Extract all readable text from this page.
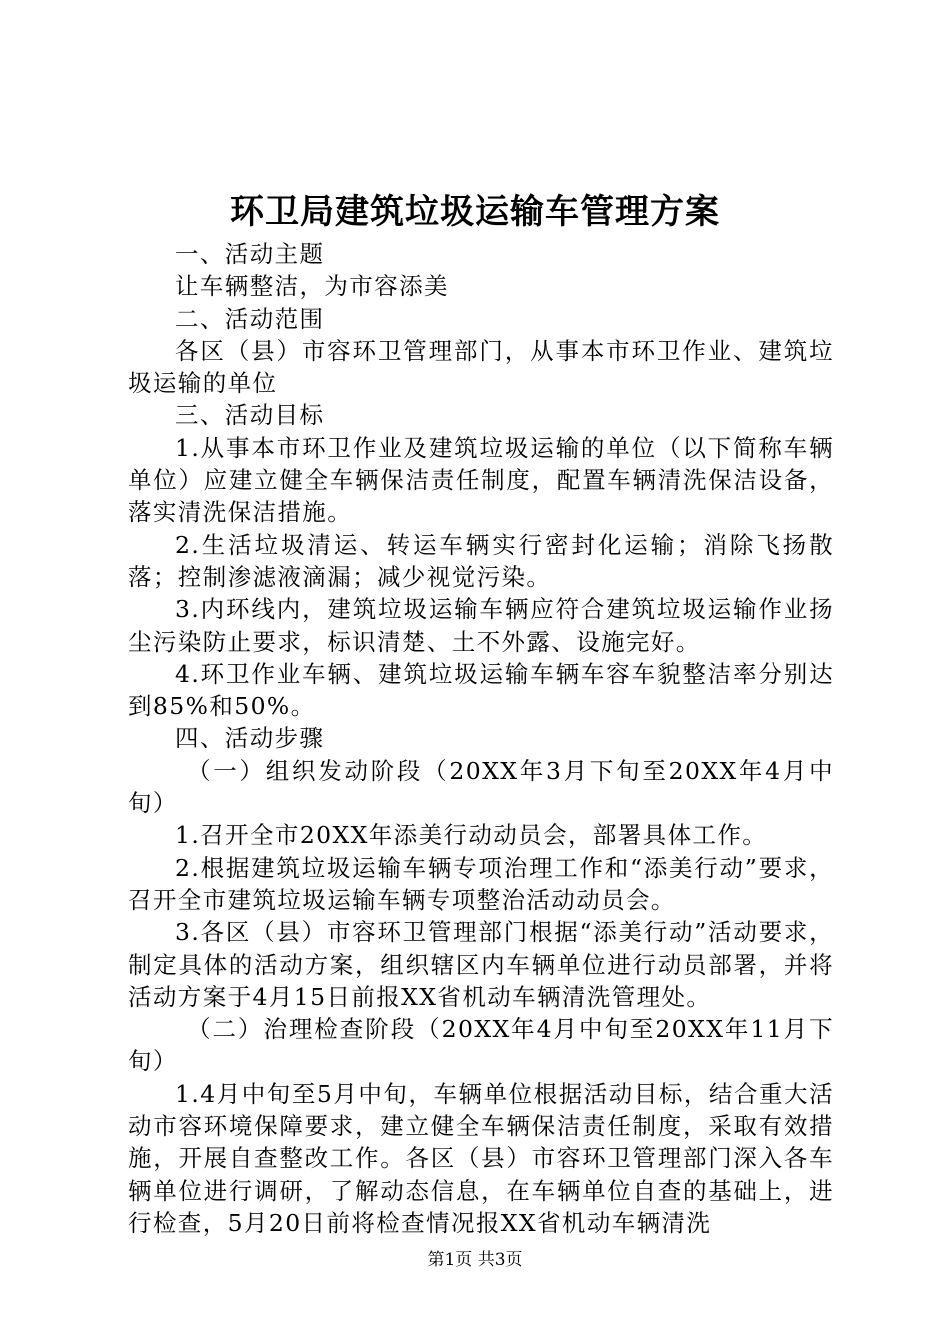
环卫局建筑垃圾运输车管理方案

一、活动主题

让车辆整洁，为市容添美

二、活动范围

各区（县）市容环卫管理部门，从事本市环卫作业、建筑垃圾运输的单位

三、活动目标

1.从事本市环卫作业及建筑垃圾运输的单位（以下简称车辆单位）应建立健全车辆保洁责任制度，配置车辆清洗保洁设备，落实清洗保洁措施。

2.生活垃圾清运、转运车辆实行密封化运输；消除飞扬散落；控制渗滤液滴漏；减少视觉污染。

3.内环线内，建筑垃圾运输车辆应符合建筑垃圾运输作业扬尘污染防止要求，标识清楚、土不外露、设施完好。

4.环卫作业车辆、建筑垃圾运输车辆车容车貌整洁率分别达到85%和50%。

四、活动步骤

（一）组织发动阶段（20XX年3月下旬至20XX年4月中旬）

1.召开全市20XX年添美行动动员会，部署具体工作。

2.根据建筑垃圾运输车辆专项治理工作和“添美行动”要求，召开全市建筑垃圾运输车辆专项整治活动动员会。

3.各区（县）市容环卫管理部门根据“添美行动”活动要求，制定具体的活动方案，组织辖区内车辆单位进行动员部署，并将活动方案于4月15日前报XX省机动车辆清洗管理处。

（二）治理检查阶段（20XX年4月中旬至20XX年11月下旬）

1.4月中旬至5月中旬，车辆单位根据活动目标，结合重大活动市容环境保障要求，建立健全车辆保洁责任制度，采取有效措施，开展自查整改工作。各区（县）市容环卫管理部门深入各车辆单位进行调研，了解动态信息，在车辆单位自查的基础上，进行检查，5月20日前将检查情况报XX省机动车辆清洗

第1页 共3页
